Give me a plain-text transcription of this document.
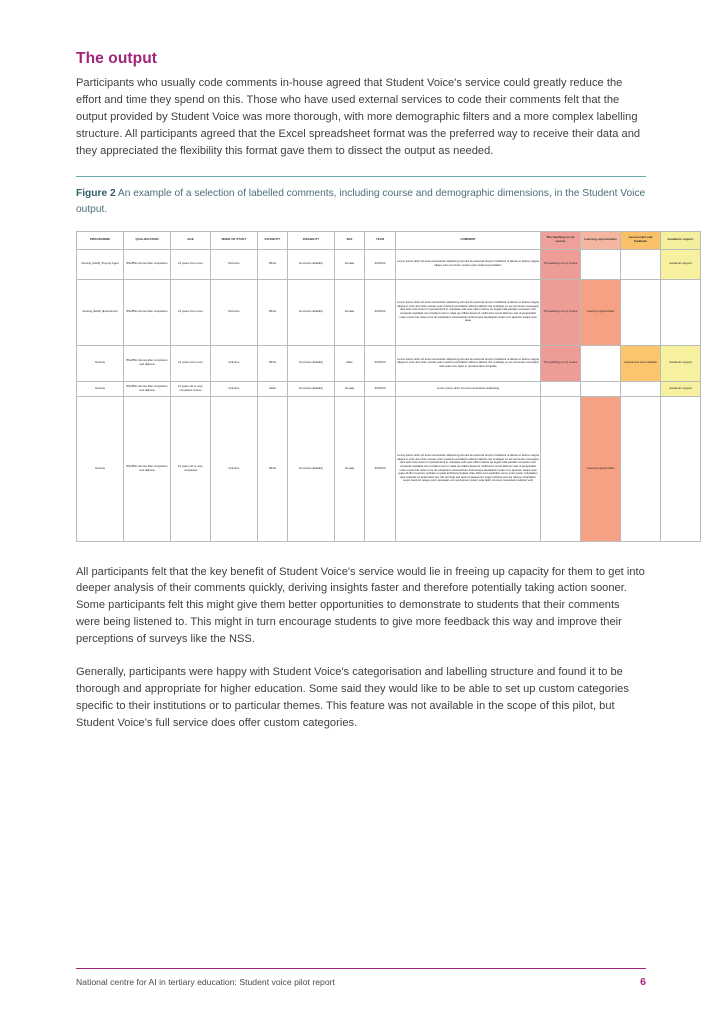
The output

Participants who usually code comments in-house agreed that Student Voice's service could greatly reduce the effort and time they spend on this. Those who have used external services to code their comments felt that the output provided by Student Voice was more thorough, with more demographic filters and a more complex labelling structure. All participants agreed that the Excel spreadsheet format was the preferred way to receive their data and they appreciated the flexibility this format gave them to dissect the output as needed.

Figure 2 An example of a selection of labelled comments, including course and demographic dimensions, in the Student Voice output.

PROGRAMME	QUALIFICATION	AGE	MODE OF STUDY	ETHNICITY	DISABILITY	SEX	YEAR	COMMENT	The teaching on my course	Learning opportunities	Assessment and feedback	Academic support
Nursing (Adult) (Top-up) Aged	BSc/BSc (Hons) after completion	21 years old or over	Part-time	White	No known disability	Female	31/03/23	Lorem ipsum dolor sit amet consectetur adipiscing elit sed do eiusmod tempor incididunt ut labore et dolore magna aliqua enim ad minim veniam quis nostrud exercitation	The teaching on my course			Academic support
Nursing (Adult) (Experience)	BSc/BSc (Hons) after completion	21 years old or over	Part-time	White	No known disability	Female	31/03/23	Lorem ipsum dolor sit amet consectetur adipiscing elit sed do eiusmod tempor incididunt ut labore et dolore magna aliqua ut enim ad minim veniam quis nostrud exercitation ullamco laboris nisi ut aliquip ex ea commodo consequat duis aute irure dolor in reprehenderit in voluptate velit esse cillum dolore eu fugiat nulla pariatur excepteur sint occaecat cupidatat non proident sunt in culpa qui officia deserunt mollit anim id est laborum sed ut perspiciatis unde omnis iste natus error sit voluptatem accusantium doloremque laudantium totam rem aperiam eaque ipsa quae	The teaching on my course	Learning opportunities		
Nursing	BSc/BSc (Hons) after completion and diploma	21 years old or over	Full-time	White	No known disability	Male	31/03/23	Lorem ipsum dolor sit amet consectetur adipiscing elit sed do eiusmod tempor incididunt ut labore et dolore magna aliqua ut enim ad minim veniam quis nostrud exercitation ullamco laboris nisi ut aliquip ex ea commodo consequat duis aute irure dolor in reprehenderit voluptate	The teaching on my course		Assessment and feedback	Academic support
Nursing	BSc/BSc (Hons) after completion and diploma	21 years old or over, completed course	Full-time	Asian	No known disability	Female	31/03/23	Lorem ipsum dolor sit amet consectetur adipiscing				Academic support
Nursing	BSc/BSc (Hons) after completion and diploma	21 years old or over, completed	Full-time	White	No known disability	Female	31/03/23	Lorem ipsum dolor sit amet consectetur adipiscing elit sed do eiusmod tempor incididunt ut labore et dolore magna aliqua ut enim ad minim veniam quis nostrud exercitation ullamco laboris nisi ut aliquip ex ea commodo consequat duis aute irure dolor in reprehenderit in voluptate velit esse cillum dolore eu fugiat nulla pariatur excepteur sint occaecat cupidatat non proident sunt in culpa qui officia deserunt mollit anim id est laborum sed ut perspiciatis unde omnis iste natus error sit voluptatem accusantium doloremque laudantium totam rem aperiam eaque ipsa quae ab illo inventore veritatis et quasi architecto beatae vitae dicta sunt explicabo nemo enim ipsam voluptatem quia voluptas sit aspernatur aut odit aut fugit sed quia consequuntur magni dolores eos qui ratione voluptatem sequi nesciunt neque porro quisquam est qui dolorem ipsum quia dolor sit amet consectetur adipisci velit		Learning opportunities		

All participants felt that the key benefit of Student Voice's service would lie in freeing up capacity for them to get into deeper analysis of their comments quickly, deriving insights faster and therefore potentially taking action sooner. Some participants felt this might give them better opportunities to demonstrate to students that their comments were being listened to. This might in turn encourage students to give more feedback this way and improve their perceptions of surveys like the NSS.

Generally, participants were happy with Student Voice's categorisation and labelling structure and found it to be thorough and appropriate for higher education. Some said they would like to be able to set up custom categories specific to their institutions or to particular themes. This feature was not available in the scope of this pilot, but Student Voice's full service does offer custom categories.

National centre for AI in tertiary education: Student voice pilot report	6
